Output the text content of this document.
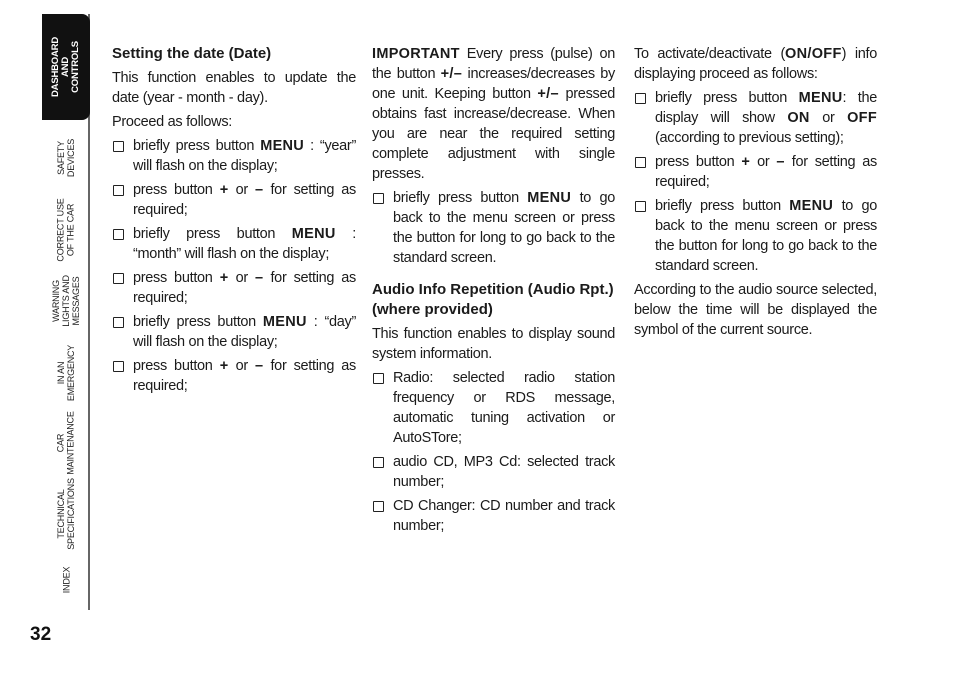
DASHBOARD
AND
CONTROLS
SAFETY
DEVICES
CORRECT USE
OF THE CAR
WARNING
LIGHTS AND
MESSAGES
IN AN
EMERGENCY
CAR
MAINTENANCE
TECHNICAL
SPECIFICATIONS
INDEX
32
Setting the date (Date)

This function enables to update the date (year - month - day).

Proceed as follows:

briefly press button MENU : “year” will flash on the display;
press button + or – for setting as required;
briefly press button MENU : “month” will flash on the display;
press button + or – for setting as required;
briefly press button MENU : “day” will flash on the display;
press button + or – for setting as required;

IMPORTANT Every press (pulse) on the button +/– increases/decreases by one unit. Keeping button +/– pressed obtains fast increase/decrease. When you are near the required setting complete adjustment with single presses.

briefly press button MENU to go back to the menu screen or press the button for long to go back to the standard screen.
Audio Info Repetition (Audio Rpt.) (where provided)

This function enables to display sound system information.

Radio: selected radio station frequency or RDS message, automatic tuning activation or AutoSTore;
audio CD, MP3 Cd: selected track number;
CD Changer: CD number and track number;

To activate/deactivate (ON/OFF) info displaying proceed as follows:

briefly press button MENU: the display will show ON or OFF (according to previous setting);
press button + or – for setting as required;
briefly press button MENU to go back to the menu screen or press the button for long to go back to the standard screen.

According to the audio source selected, below the time will be displayed the symbol of the current source.
